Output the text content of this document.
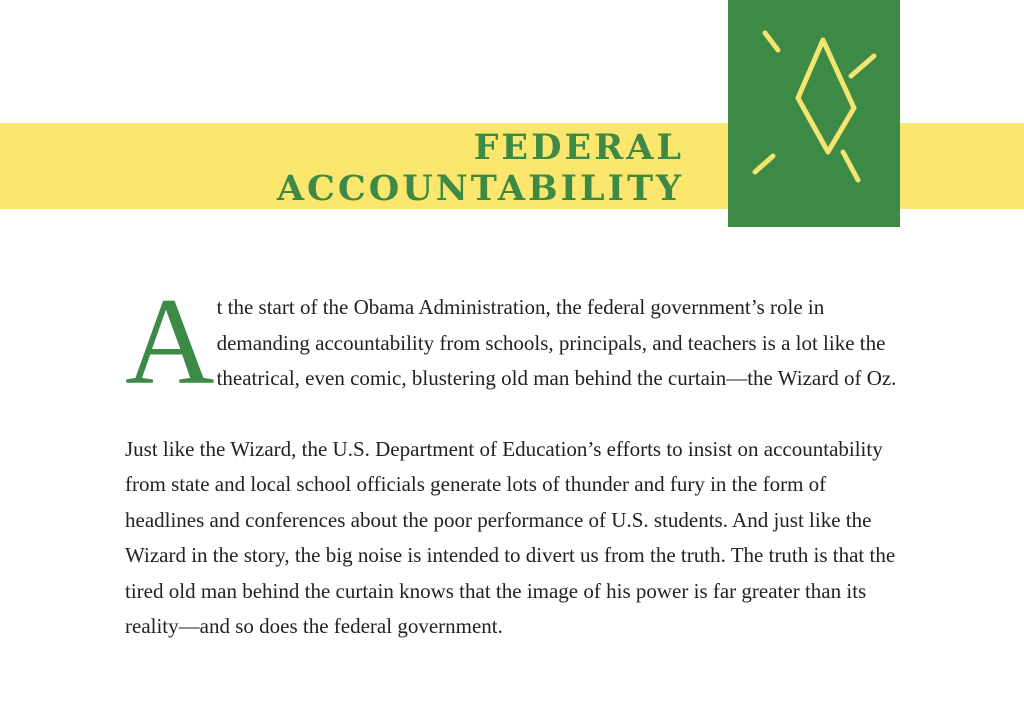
FEDERAL
ACCOUNTABILITY

At the start of the Obama Administration, the federal government’s role in demanding accountability from schools, principals, and teachers is a lot like the theatrical, even comic, blustering old man behind the curtain—the Wizard of Oz.

Just like the Wizard, the U.S. Department of Education’s efforts to insist on accountability from state and local school officials generate lots of thunder and fury in the form of headlines and conferences about the poor performance of U.S. students. And just like the Wizard in the story, the big noise is intended to divert us from the truth. The truth is that the tired old man behind the curtain knows that the image of his power is far greater than its reality—and so does the federal government.
